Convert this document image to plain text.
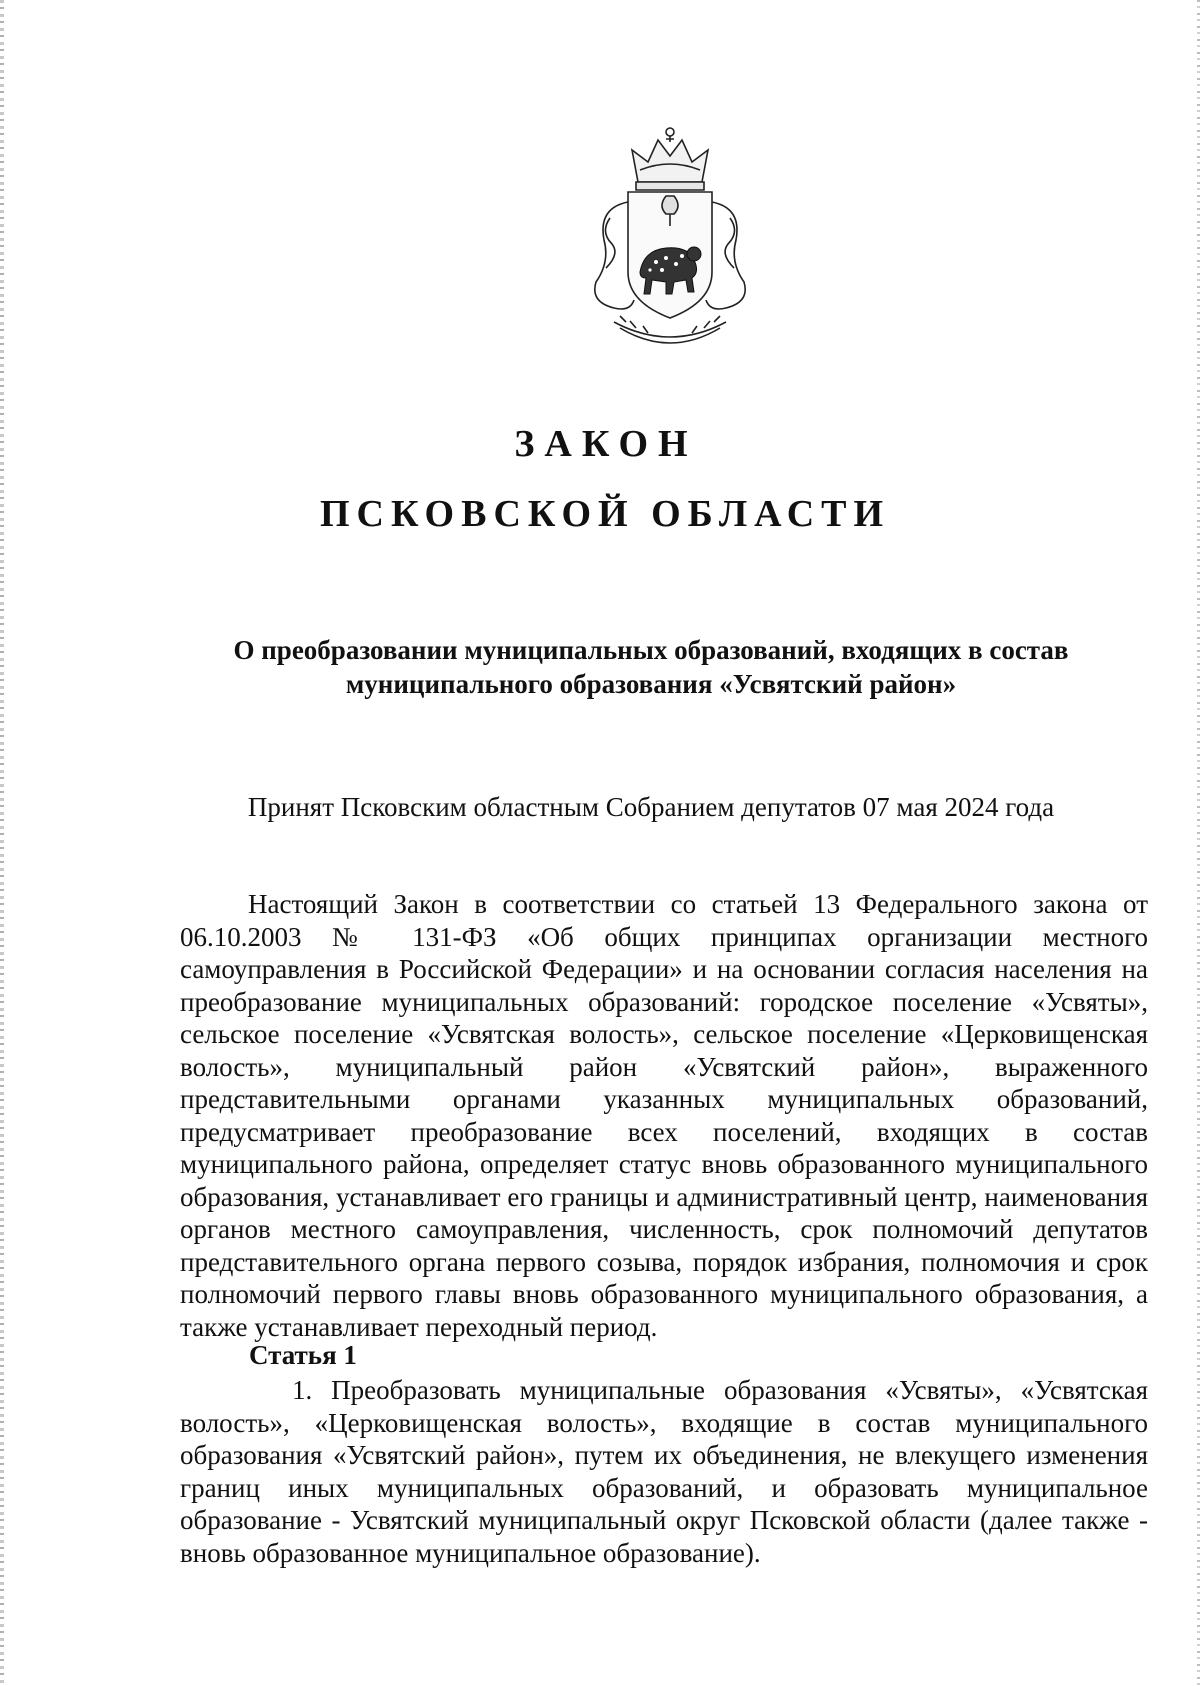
ЗАКОН
ПСКОВСКОЙ ОБЛАСТИ
О преобразовании муниципальных образований, входящих в состав
муниципального образования «Усвятский район»
Принят Псковским областным Собранием депутатов 07 мая 2024 года
Настоящий Закон в соответствии со статьей 13 Федерального закона от 06.10.2003 № 131-ФЗ «Об общих принципах организации местного самоуправления в Российской Федерации» и на основании согласия населения на преобразование муниципальных образований: городское поселение «Усвяты», сельское поселение «Усвятская волость», сельское поселение «Церковищенская волость», муниципальный район «Усвятский район», выраженного представительными органами указанных муниципальных образований, предусматривает преобразование всех поселений, входящих в состав муниципального района, определяет статус вновь образованного муниципального образования, устанавливает его границы и административный центр, наименования органов местного самоуправления, численность, срок полномочий депутатов представительного органа первого созыва, порядок избрания, полномочия и срок полномочий первого главы вновь образованного муниципального образования, а также устанавливает переходный период.
Статья 1
1. Преобразовать муниципальные образования «Усвяты», «Усвятская волость», «Церковищенская волость», входящие в состав муниципального образования «Усвятский район», путем их объединения, не влекущего изменения границ иных муниципальных образований, и образовать муниципальное образование - Усвятский муниципальный округ Псковской области (далее также - вновь образованное муниципальное образование).
